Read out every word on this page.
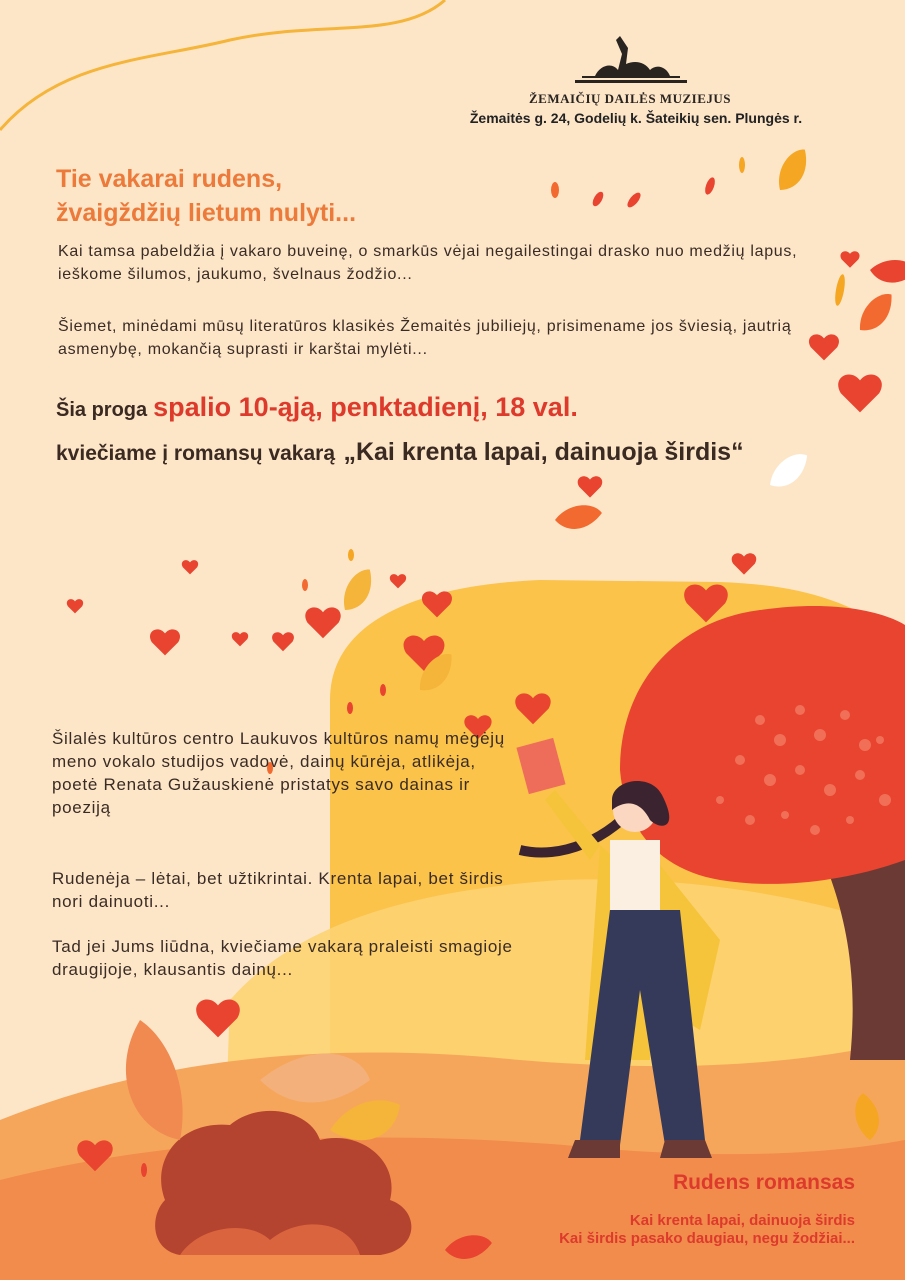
ŽEMAIČIŲ DAILĖS MUZIEJUS
Žemaitės g. 24, Godelių k. Šateikių sen. Plungės r.
Tie vakarai rudens,
žvaigždžių lietum nulyti...
Kai tamsa pabeldžia į vakaro buveinę, o smarkūs vėjai negailestingai drasko nuo medžių lapus, ieškome šilumos, jaukumo, švelnaus žodžio...
Šiemet, minėdami mūsų literatūros klasikės Žemaitės jubiliejų, prisimename jos šviesią, jautrią asmenybę, mokančią suprasti ir karštai mylėti...
Šia proga spalio 10-ąją, penktadienį, 18 val.
kviečiame į romansų vakarą „Kai krenta lapai, dainuoja širdis“
Šilalės kultūros centro Laukuvos kultūros namų mėgėjų meno vokalo studijos vadovė, dainų kūrėja, atlikėja, poetė Renata Gužauskienė pristatys savo dainas ir poeziją
Rudenėja – lėtai, bet užtikrintai. Krenta lapai, bet širdis nori dainuoti...
Tad jei Jums liūdna, kviečiame vakarą praleisti smagioje draugijoje, klausantis dainų...
Rudens romansas
Kai krenta lapai, dainuoja širdis
Kai širdis pasako daugiau, negu žodžiai...
